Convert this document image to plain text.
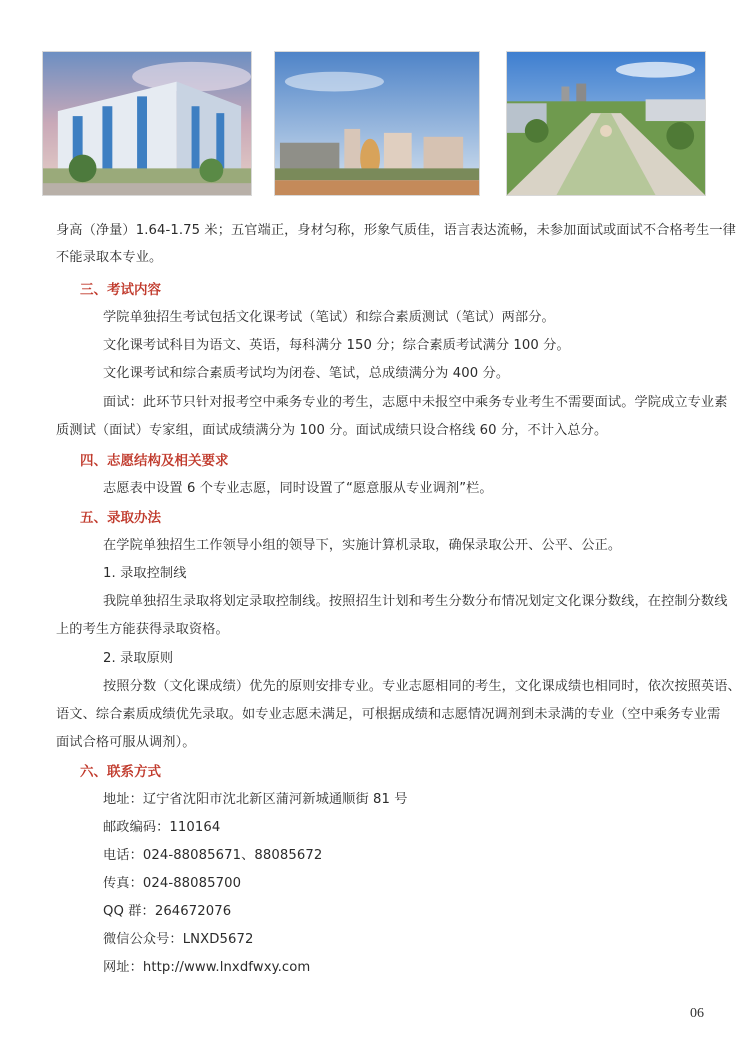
身高（净量）1.64-1.75 米；五官端正，身材匀称，形象气质佳，语言表达流畅，未参加面试或面试不合格考生一律
不能录取本专业。
三、考试内容
学院单独招生考试包括文化课考试（笔试）和综合素质测试（笔试）两部分。
文化课考试科目为语文、英语，每科满分 150 分；综合素质考试满分 100 分。
文化课考试和综合素质考试均为闭卷、笔试，总成绩满分为 400 分。
面试：此环节只针对报考空中乘务专业的考生，志愿中未报空中乘务专业考生不需要面试。学院成立专业素
质测试（面试）专家组，面试成绩满分为 100 分。面试成绩只设合格线 60 分，不计入总分。
四、志愿结构及相关要求
志愿表中设置 6 个专业志愿，同时设置了“愿意服从专业调剂”栏。
五、录取办法
在学院单独招生工作领导小组的领导下，实施计算机录取，确保录取公开、公平、公正。
1. 录取控制线
我院单独招生录取将划定录取控制线。按照招生计划和考生分数分布情况划定文化课分数线，在控制分数线
上的考生方能获得录取资格。
2. 录取原则
按照分数（文化课成绩）优先的原则安排专业。专业志愿相同的考生，文化课成绩也相同时，依次按照英语、
语文、综合素质成绩优先录取。如专业志愿未满足，可根据成绩和志愿情况调剂到未录满的专业（空中乘务专业需
面试合格可服从调剂）。
六、联系方式
地址：辽宁省沈阳市沈北新区蒲河新城通顺街 81 号
邮政编码：110164
电话：024-88085671、88085672
传真：024-88085700
QQ 群：264672076
微信公众号：LNXD5672
网址：http://www.lnxdfwxy.com
06
